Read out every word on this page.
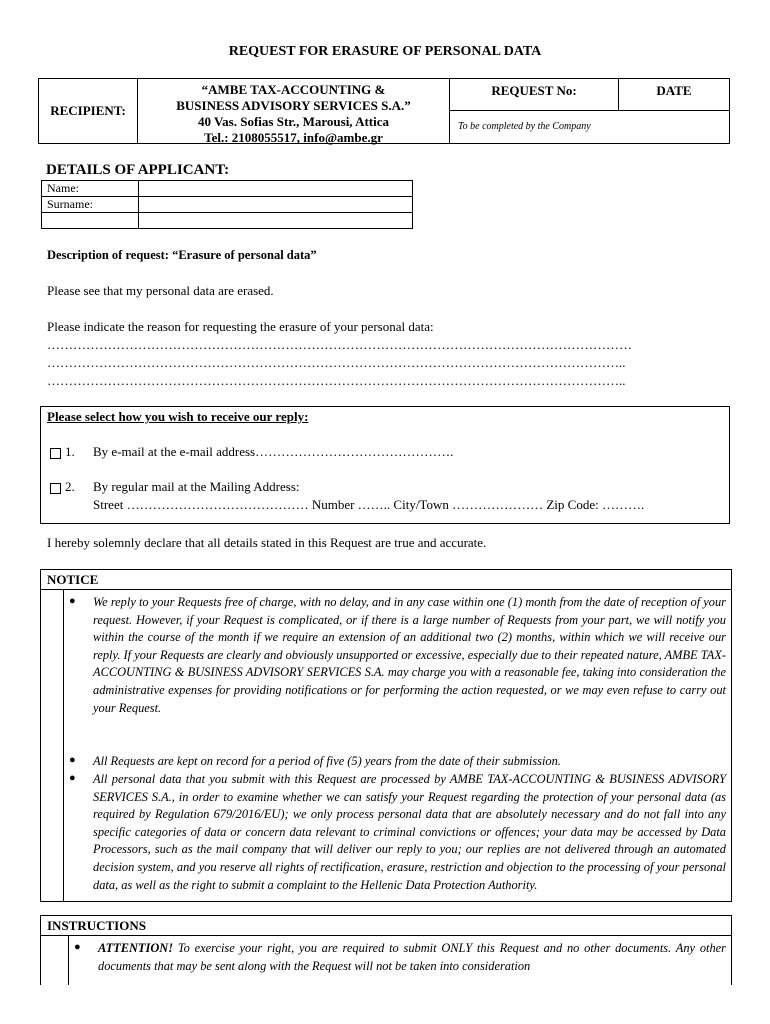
REQUEST FOR ERASURE OF PERSONAL DATA
RECIPIENT:
“AMBE TAX-ACCOUNTING &
BUSINESS ADVISORY SERVICES S.A.”
40 Vas. Sofias Str., Marousi, Attica
Tel.: 2108055517, info@ambe.gr
REQUEST No:	DATE
To be completed by the Company
DETAILS OF APPLICANT:
Name:	
Surname:	

Description of request: “Erasure of personal data”
Please see that my personal data are erased.
Please indicate the reason for requesting the erasure of your personal data:
………………………………………………………………………………………………………………………
……………………………………………………………………………………………………………………..
……………………………………………………………………………………………………………………..
Please select how you wish to receive our reply:
1. By e-mail at the e-mail address……………………………………….
2. By regular mail at the Mailing Address:
Street …………………………………… Number …….. City/Town ………………… Zip Code: ……….
I hereby solemnly declare that all details stated in this Request are true and accurate.
NOTICE
● We reply to your Requests free of charge, with no delay, and in any case within one (1) month from the date of reception of your request. However, if your Request is complicated, or if there is a large number of Requests from your part, we will notify you within the course of the month if we require an extension of an additional two (2) months, within which we will receive our reply. If your Requests are clearly and obviously unsupported or excessive, especially due to their repeated nature, AMBE TAX-ACCOUNTING & BUSINESS ADVISORY SERVICES S.A. may charge you with a reasonable fee, taking into consideration the administrative expenses for providing notifications or for performing the action requested, or we may even refuse to carry out your Request.
● All Requests are kept on record for a period of five (5) years from the date of their submission.
● All personal data that you submit with this Request are processed by AMBE TAX-ACCOUNTING & BUSINESS ADVISORY SERVICES S.A., in order to examine whether we can satisfy your Request regarding the protection of your personal data (as required by Regulation 679/2016/EU); we only process personal data that are absolutely necessary and do not fall into any specific categories of data or concern data relevant to criminal convictions or offences; your data may be accessed by Data Processors, such as the mail company that will deliver our reply to you; our replies are not delivered through an automated decision system, and you reserve all rights of rectification, erasure, restriction and objection to the processing of your personal data, as well as the right to submit a complaint to the Hellenic Data Protection Authority.
INSTRUCTIONS
● ATTENTION! To exercise your right, you are required to submit ONLY this Request and no other documents. Any other documents that may be sent along with the Request will not be taken into consideration
